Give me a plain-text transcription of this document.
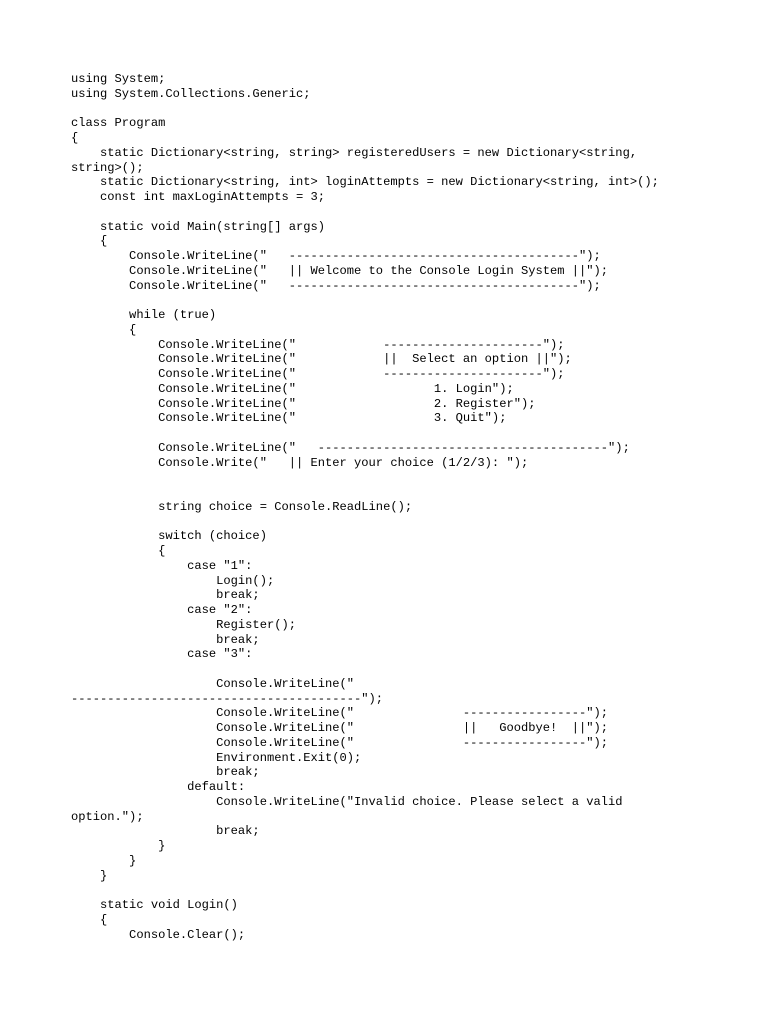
using System;
using System.Collections.Generic;
class Program
{
static Dictionary<string, string> registeredUsers = new Dictionary<string,
string>();
static Dictionary<string, int> loginAttempts = new Dictionary<string, int>();
const int maxLoginAttempts = 3;
static void Main(string[] args)
{
Console.WriteLine("   ----------------------------------------");
Console.WriteLine("   || Welcome to the Console Login System ||");
Console.WriteLine("   ----------------------------------------");
while (true)
{
Console.WriteLine("            ----------------------");
Console.WriteLine("            ||  Select an option ||");
Console.WriteLine("            ----------------------");
Console.WriteLine("                   1. Login");
Console.WriteLine("                   2. Register");
Console.WriteLine("                   3. Quit");
Console.WriteLine("   ----------------------------------------");
Console.Write("   || Enter your choice (1/2/3): ");
string choice = Console.ReadLine();
switch (choice)
{
case "1":
Login();
break;
case "2":
Register();
break;
case "3":
Console.WriteLine("
----------------------------------------");
Console.WriteLine("               -----------------");
Console.WriteLine("               ||   Goodbye!  ||");
Console.WriteLine("               -----------------");
Environment.Exit(0);
break;
default:
Console.WriteLine("Invalid choice. Please select a valid
option.");
break;
}
}
}
static void Login()
{
Console.Clear();
